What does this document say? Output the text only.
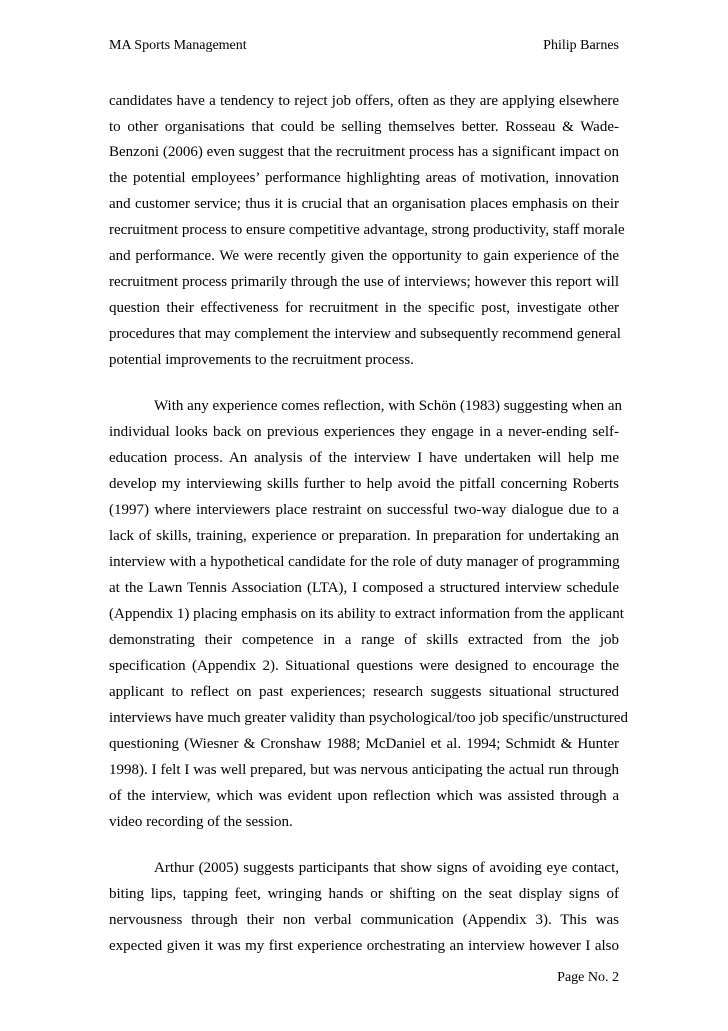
MA Sports Management	Philip Barnes
candidates have a tendency to reject job offers, often as they are applying elsewhere
to other organisations that could be selling themselves better. Rosseau & Wade-
Benzoni (2006) even suggest that the recruitment process has a significant impact on
the potential employees’ performance highlighting areas of motivation, innovation
and customer service; thus it is crucial that an organisation places emphasis on their
recruitment process to ensure competitive advantage, strong productivity, staff morale
and performance. We were recently given the opportunity to gain experience of the
recruitment process primarily through the use of interviews; however this report will
question their effectiveness for recruitment in the specific post, investigate other
procedures that may complement the interview and subsequently recommend general
potential improvements to the recruitment process.
With any experience comes reflection, with Schön (1983) suggesting when an
individual looks back on previous experiences they engage in a never-ending self-
education process. An analysis of the interview I have undertaken will help me
develop my interviewing skills further to help avoid the pitfall concerning Roberts
(1997) where interviewers place restraint on successful two-way dialogue due to a
lack of skills, training, experience or preparation. In preparation for undertaking an
interview with a hypothetical candidate for the role of duty manager of programming
at the Lawn Tennis Association (LTA), I composed a structured interview schedule
(Appendix 1) placing emphasis on its ability to extract information from the applicant
demonstrating their competence in a range of skills extracted from the job
specification (Appendix 2). Situational questions were designed to encourage the
applicant to reflect on past experiences; research suggests situational structured
interviews have much greater validity than psychological/too job specific/unstructured
questioning (Wiesner & Cronshaw 1988; McDaniel et al. 1994; Schmidt & Hunter
1998). I felt I was well prepared, but was nervous anticipating the actual run through
of the interview, which was evident upon reflection which was assisted through a
video recording of the session.
Arthur (2005) suggests participants that show signs of avoiding eye contact,
biting lips, tapping feet, wringing hands or shifting on the seat display signs of
nervousness through their non verbal communication (Appendix 3). This was
expected given it was my first experience orchestrating an interview however I also
Page No. 2
